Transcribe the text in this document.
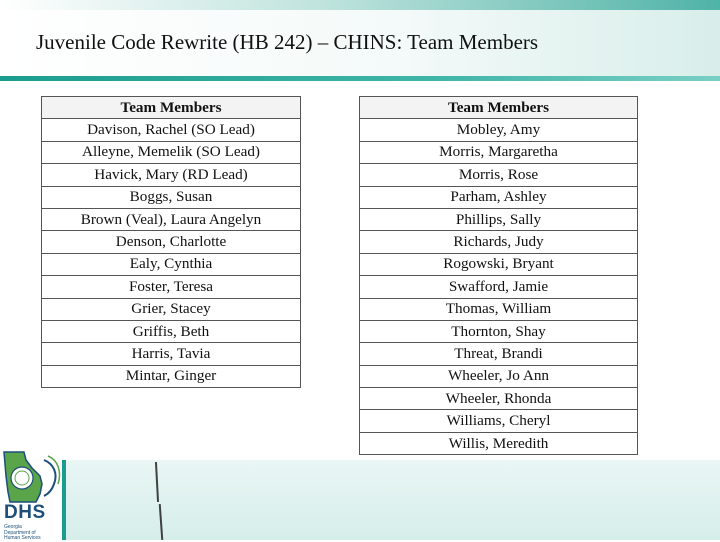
Juvenile Code Rewrite (HB 242) – CHINS: Team Members
Team Members
Davison, Rachel (SO Lead)
Alleyne, Memelik (SO Lead)
Havick, Mary (RD Lead)
Boggs, Susan
Brown (Veal), Laura Angelyn
Denson, Charlotte
Ealy, Cynthia
Foster, Teresa
Grier, Stacey
Griffis, Beth
Harris, Tavia
Mintar, Ginger
Team Members
Mobley, Amy
Morris, Margaretha
Morris, Rose
Parham, Ashley
Phillips, Sally
Richards, Judy
Rogowski, Bryant
Swafford, Jamie
Thomas, William
Thornton, Shay
Threat, Brandi
Wheeler, Jo Ann
Wheeler, Rhonda
Williams, Cheryl
Willis, Meredith

DHS

Georgia Department of Human Services
